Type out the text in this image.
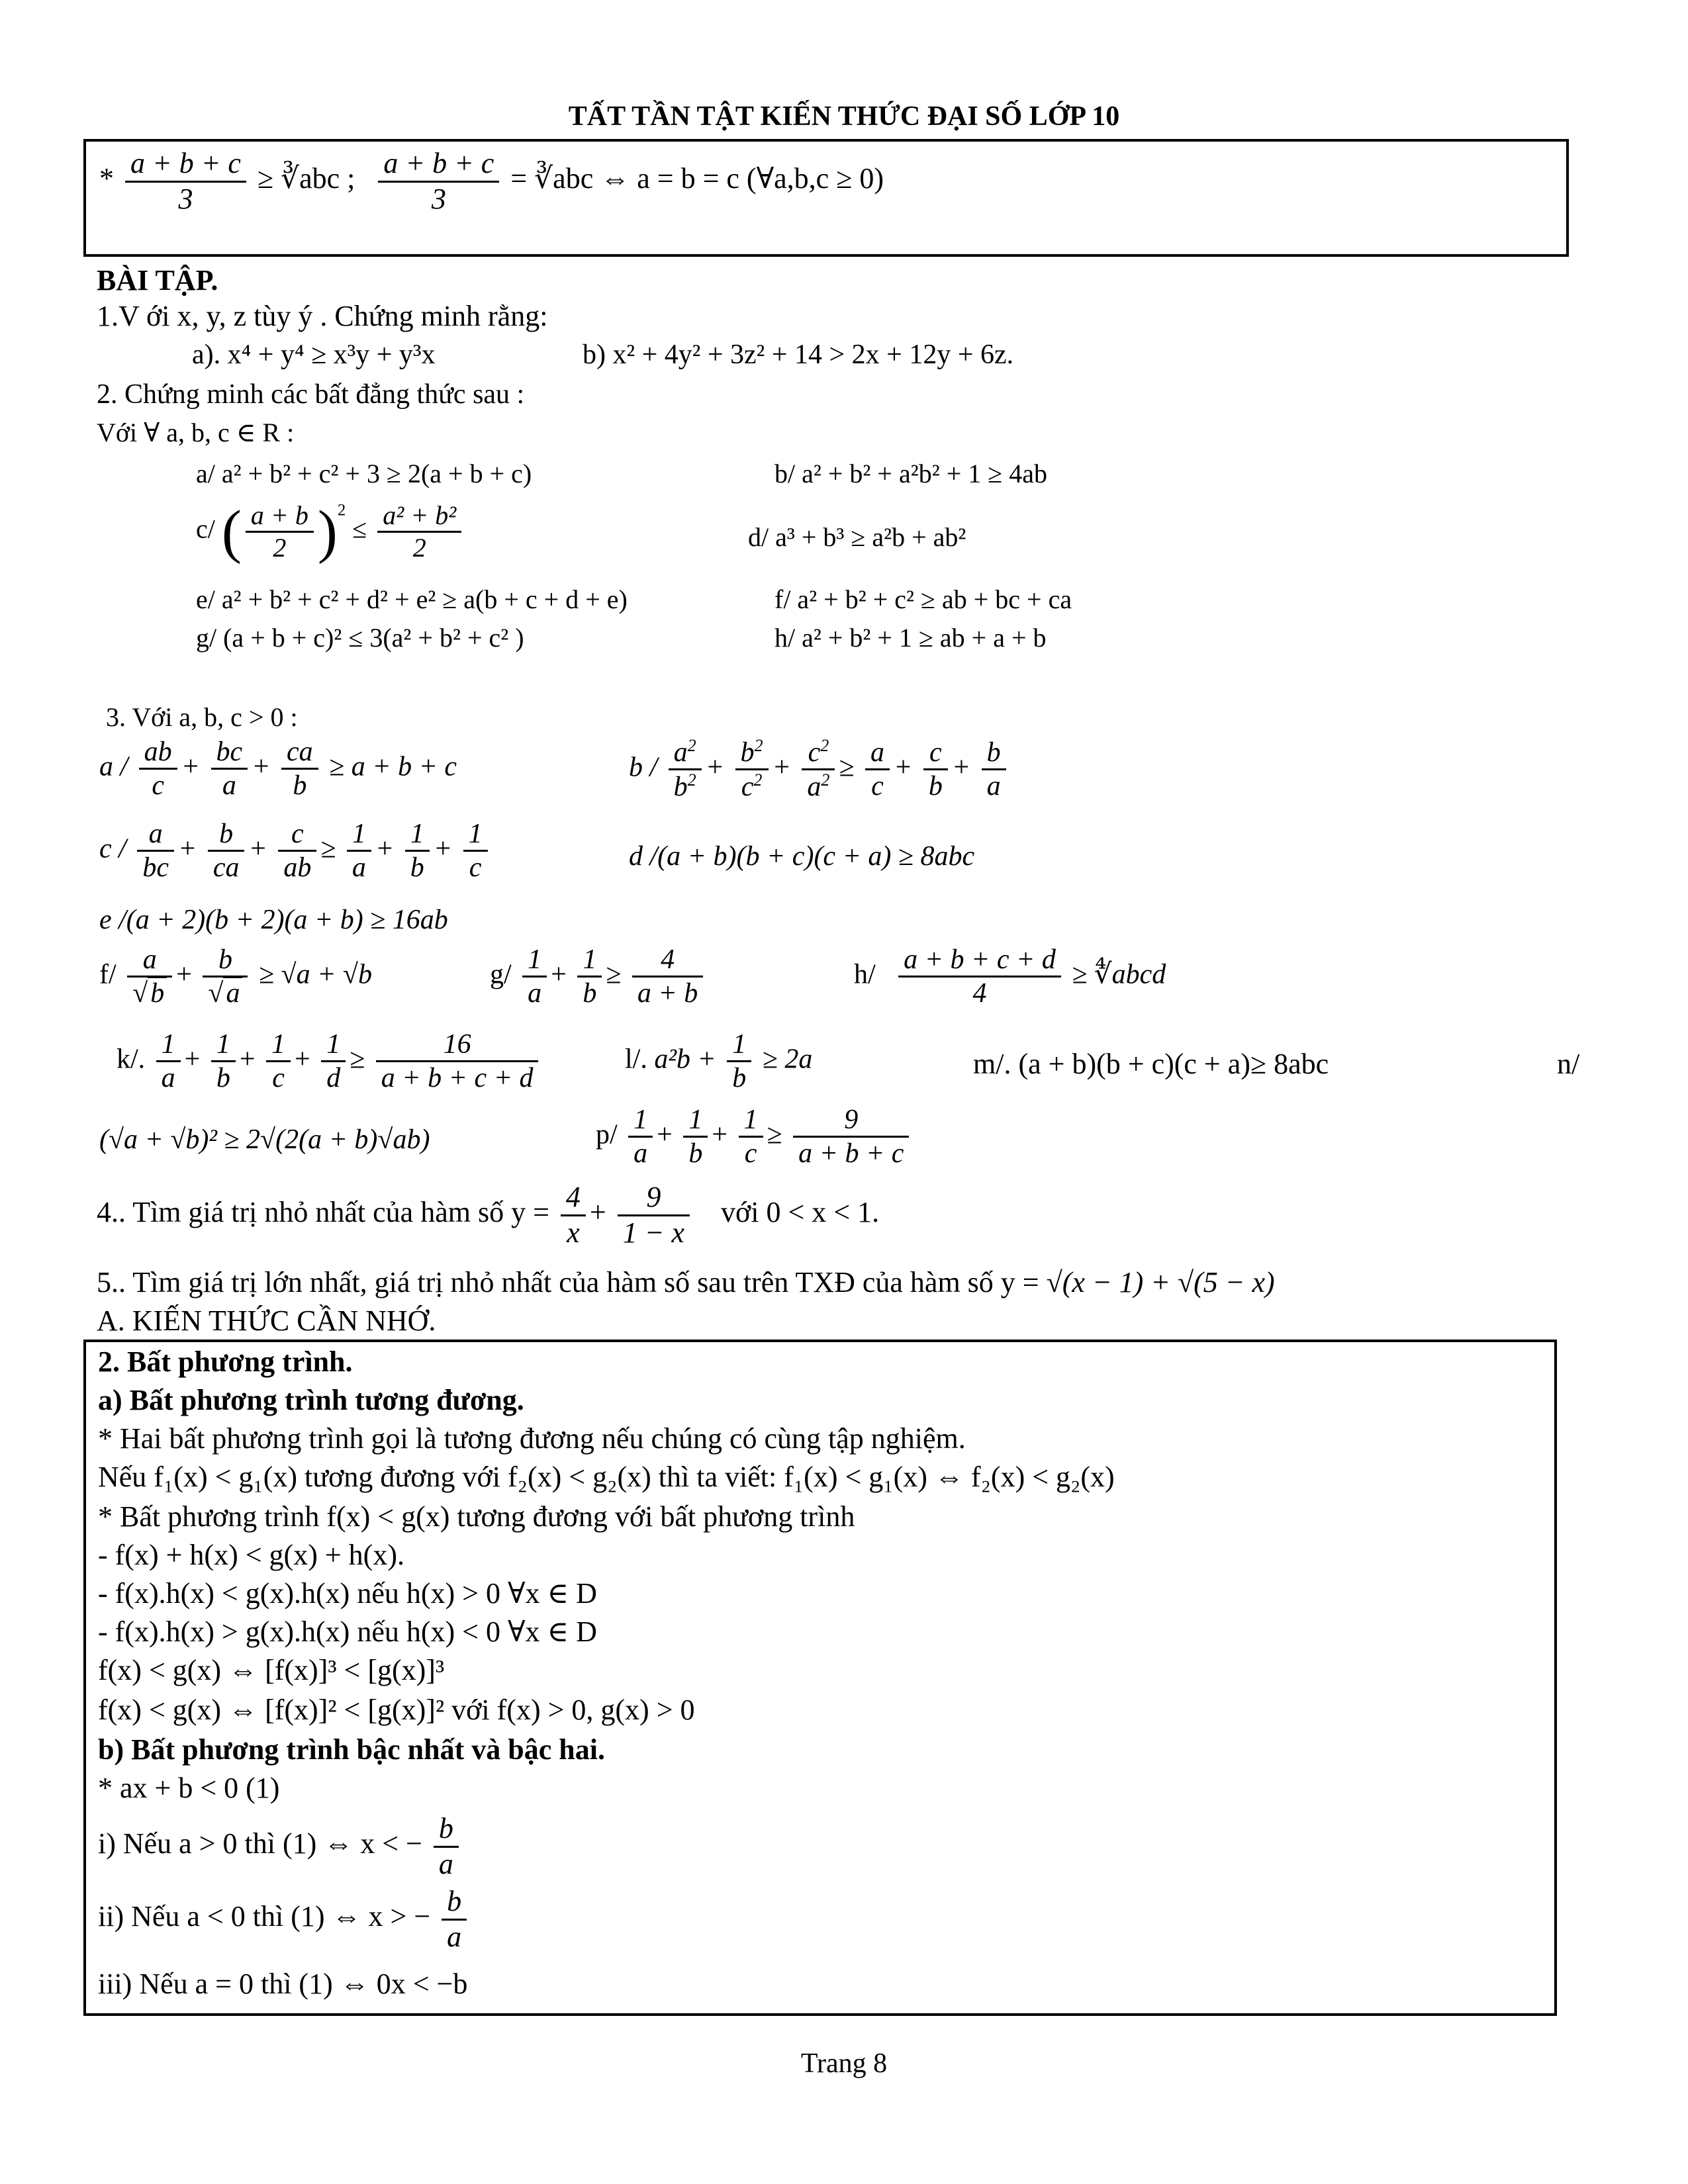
TẤT TẦN TẬT KIẾN THỨC ĐẠI SỐ LỚP 10
* $\frac{a + b + c}{3}$ ≥ ∛abc ; $\frac{a + b + c}{3}$ = ∛abc ⇔ a = b = c (∀a,b,c ≥ 0)
BÀI TẬP.
1.V ới x, y, z tùy ý . Chứng minh rằng:
a). x⁴ + y⁴ ≥ x³y + y³x	b) x² + 4y² + 3z² + 14 > 2x + 12y + 6z.
2. Chứng minh các bất đẳng thức sau :
Với ∀ a, b, c ∈ R :
a/ a² + b² + c² + 3 ≥ 2(a + b + c)	b/ a² + b² + a²b² + 1 ≥ 4ab
c/ ( $\frac{a + b}{2} )^2 \le \frac{\text{a² + b²}}{2}$	d/ a³ + b³ ≥ a²b + ab²
e/ a² + b² + c² + d² + e² ≥ a(b + c + d + e)	f/ a² + b² + c² ≥ ab + bc + ca
g/ (a + b + c)² ≤ 3(a² + b² + c² )	h/ a² + b² + 1 ≥ ab + a + b
3. Với a, b, c > 0 :
$a / \frac{ab}{c} + \frac{bc}{a} + \frac{ca}{b} \ge a + b + c$	$b / \frac{a^2}{b^2} + \frac{b^2}{c^2} + \frac{c^2}{a^2} \ge \frac{a}{c} + \frac{c}{b} + \frac{b}{a}$
$c / \frac{a}{bc} + \frac{b}{ca} + \frac{c}{ab} \ge \frac{1}{a} + \frac{1}{b} + \frac{1}{c}$	d /(a + b)(b + c)(c + a) ≥ 8abc
e /(a + 2)(b + 2)(a + b) ≥ 16ab
$f/ \frac{a}{√b} + \frac{b}{√a} \ge √a + √b$	$g/ \frac{1}{a} + \frac{1}{b} \ge \frac{4}{a + b}$	$h/ \frac{a + b + c + d}{4}$ ≥ ∜abcd
k/. $\frac{1}{a} + \frac{1}{b} + \frac{1}{c} + \frac{1}{d} \ge \frac{16}{a + b + c + d}$	l/. $a^2b + \frac{1}{b} \ge 2a$	m/. (a + b)(b + c)(c + a)≥ 8abc	n/
(√a + √b)² ≥ 2√(2(a + b)√ab)	$p/ \frac{1}{a} + \frac{1}{b} + \frac{1}{c} \ge \frac{9}{a + b + c}$
4.. Tìm giá trị nhỏ nhất của hàm số $y = \frac{4}{x} + \frac{9}{1 - x}$ với 0 < x < 1.
5.. Tìm giá trị lớn nhất, giá trị nhỏ nhất của hàm số sau trên TXĐ của hàm số y = √(x − 1) + √(5 − x)
A. KIẾN THỨC CẦN NHỚ.
2. Bất phương trình.
a) Bất phương trình tương đương.
* Hai bất phương trình gọi là tương đương nếu chúng có cùng tập nghiệm.
Nếu f₁(x) < g₁(x) tương đương với f₂(x) < g₂(x) thì ta viết: f₁(x) < g₁(x) ⇔ f₂(x) < g₂(x)
* Bất phương trình f(x) < g(x) tương đương với bất phương trình
- f(x) + h(x) < g(x) + h(x).
- f(x).h(x) < g(x).h(x) nếu h(x) > 0 ∀x ∈ D
- f(x).h(x) > g(x).h(x) nếu h(x) < 0 ∀x ∈ D
f(x) < g(x) ⇔ [f(x)]³ < [g(x)]³
f(x) < g(x) ⇔ [f(x)]² < [g(x)]² với f(x) > 0, g(x) > 0
b) Bất phương trình bậc nhất và bậc hai.
* ax + b < 0 (1)
i) Nếu a > 0 thì (1) ⇔ x < − $\frac{b}{a}$
ii) Nếu a < 0 thì (1) ⇔ x > − $\frac{b}{a}$
iii) Nếu a = 0 thì (1) ⇔ 0x < −b
Trang 8
